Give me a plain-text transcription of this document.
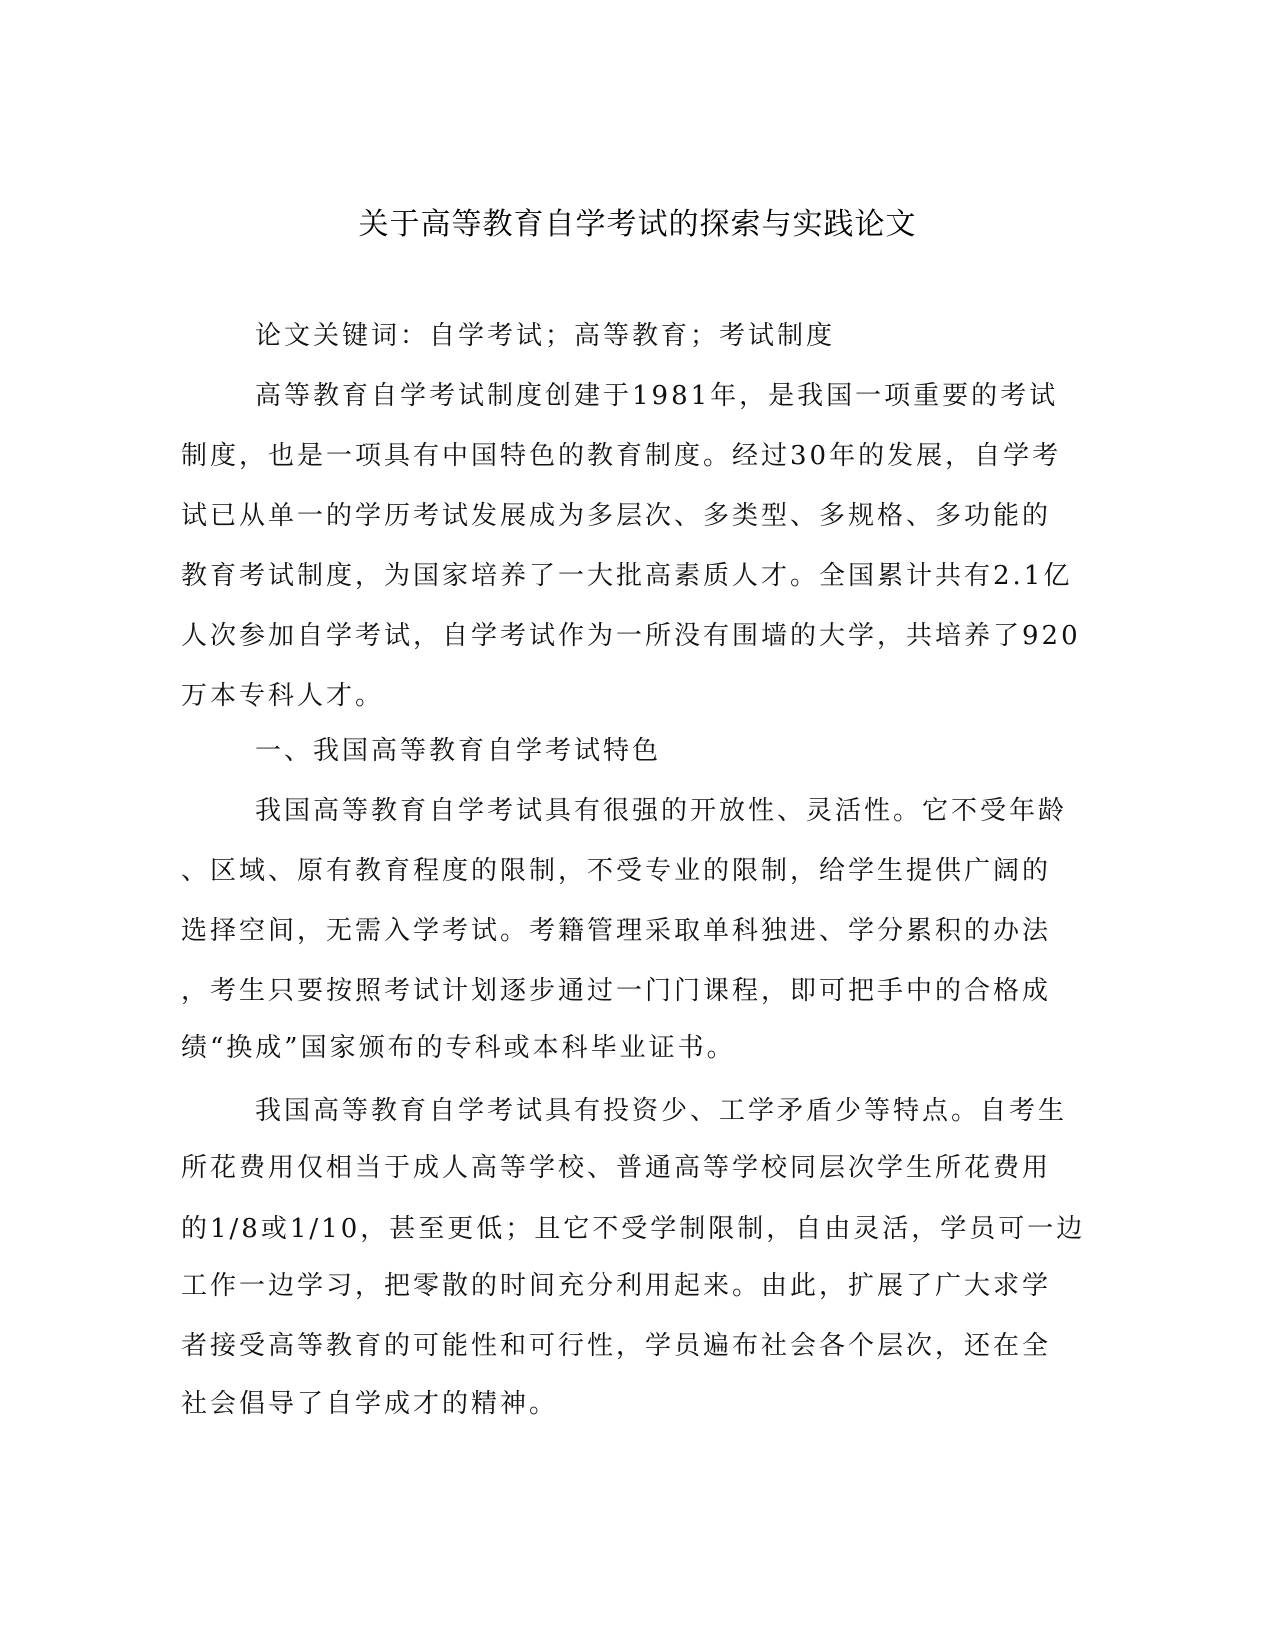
关于高等教育自学考试的探索与实践论文
论文关键词：自学考试；高等教育；考试制度
高等教育自学考试制度创建于1981年，是我国一项重要的考试
制度，也是一项具有中国特色的教育制度。经过30年的发展，自学考
试已从单一的学历考试发展成为多层次、多类型、多规格、多功能的
教育考试制度，为国家培养了一大批高素质人才。全国累计共有2.1亿
人次参加自学考试，自学考试作为一所没有围墙的大学，共培养了920
万本专科人才。
一、我国高等教育自学考试特色
我国高等教育自学考试具有很强的开放性、灵活性。它不受年龄
、区域、原有教育程度的限制，不受专业的限制，给学生提供广阔的
选择空间，无需入学考试。考籍管理采取单科独进、学分累积的办法
，考生只要按照考试计划逐步通过一门门课程，即可把手中的合格成
绩“换成”国家颁布的专科或本科毕业证书。
我国高等教育自学考试具有投资少、工学矛盾少等特点。自考生
所花费用仅相当于成人高等学校、普通高等学校同层次学生所花费用
的1/8或1/10，甚至更低；且它不受学制限制，自由灵活，学员可一边
工作一边学习，把零散的时间充分利用起来。由此，扩展了广大求学
者接受高等教育的可能性和可行性，学员遍布社会各个层次，还在全
社会倡导了自学成才的精神。
